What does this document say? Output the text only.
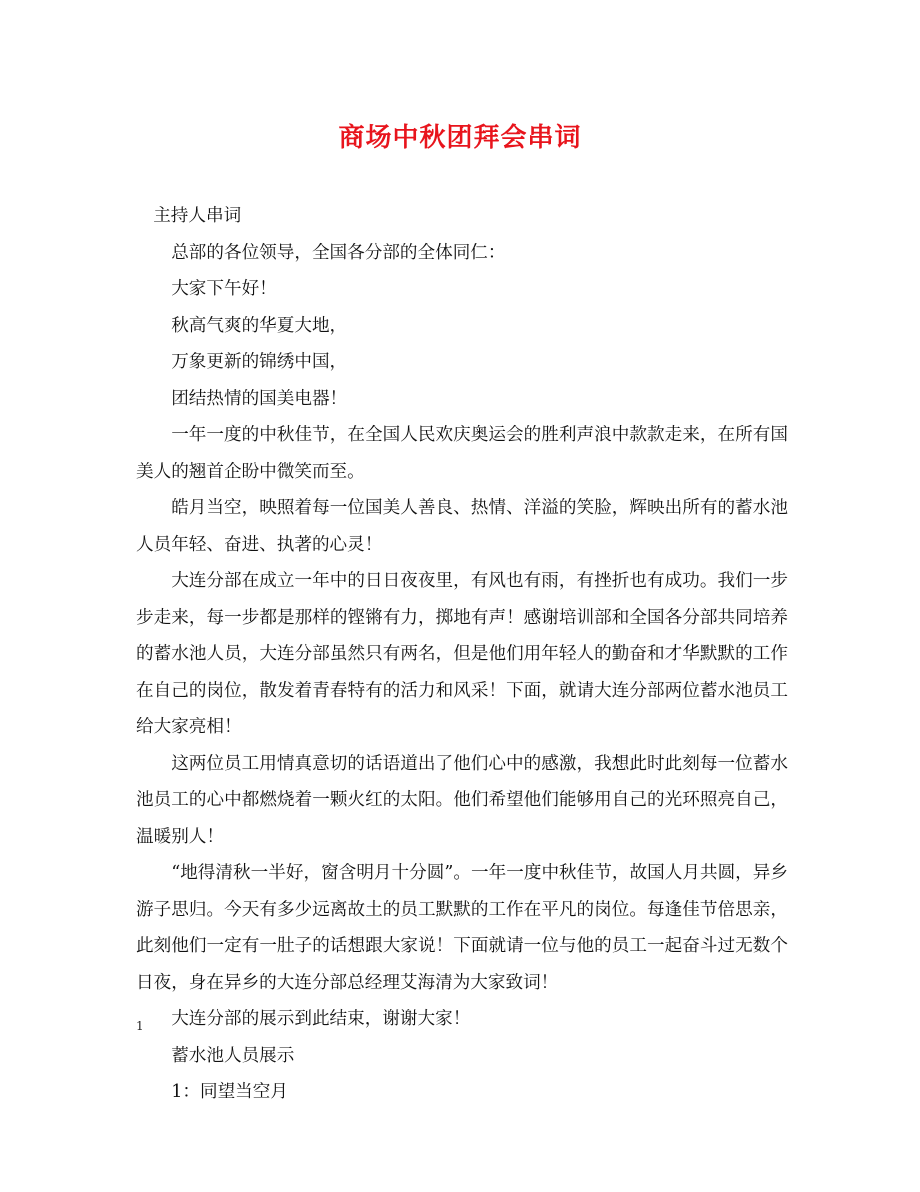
商场中秋团拜会串词

主持人串词

总部的各位领导，全国各分部的全体同仁：

大家下午好！

秋高气爽的华夏大地，

万象更新的锦绣中国，

团结热情的国美电器！

一年一度的中秋佳节，在全国人民欢庆奥运会的胜利声浪中款款走来，在所有国美人的翘首企盼中微笑而至。

皓月当空，映照着每一位国美人善良、热情、洋溢的笑脸，辉映出所有的蓄水池人员年轻、奋进、执著的心灵！

大连分部在成立一年中的日日夜夜里，有风也有雨，有挫折也有成功。我们一步步走来，每一步都是那样的铿锵有力，掷地有声！感谢培训部和全国各分部共同培养的蓄水池人员，大连分部虽然只有两名，但是他们用年轻人的勤奋和才华默默的工作在自己的岗位，散发着青春特有的活力和风采！下面，就请大连分部两位蓄水池员工给大家亮相！

这两位员工用情真意切的话语道出了他们心中的感激，我想此时此刻每一位蓄水池员工的心中都燃烧着一颗火红的太阳。他们希望他们能够用自己的光环照亮自己，温暖别人！

“地得清秋一半好，窗含明月十分圆”。一年一度中秋佳节，故国人月共圆，异乡游子思归。今天有多少远离故土的员工默默的工作在平凡的岗位。每逢佳节倍思亲，此刻他们一定有一肚子的话想跟大家说！下面就请一位与他的员工一起奋斗过无数个日夜，身在异乡的大连分部总经理艾海清为大家致词！

大连分部的展示到此结束，谢谢大家！

蓄水池人员展示

1：同望当空月

1
